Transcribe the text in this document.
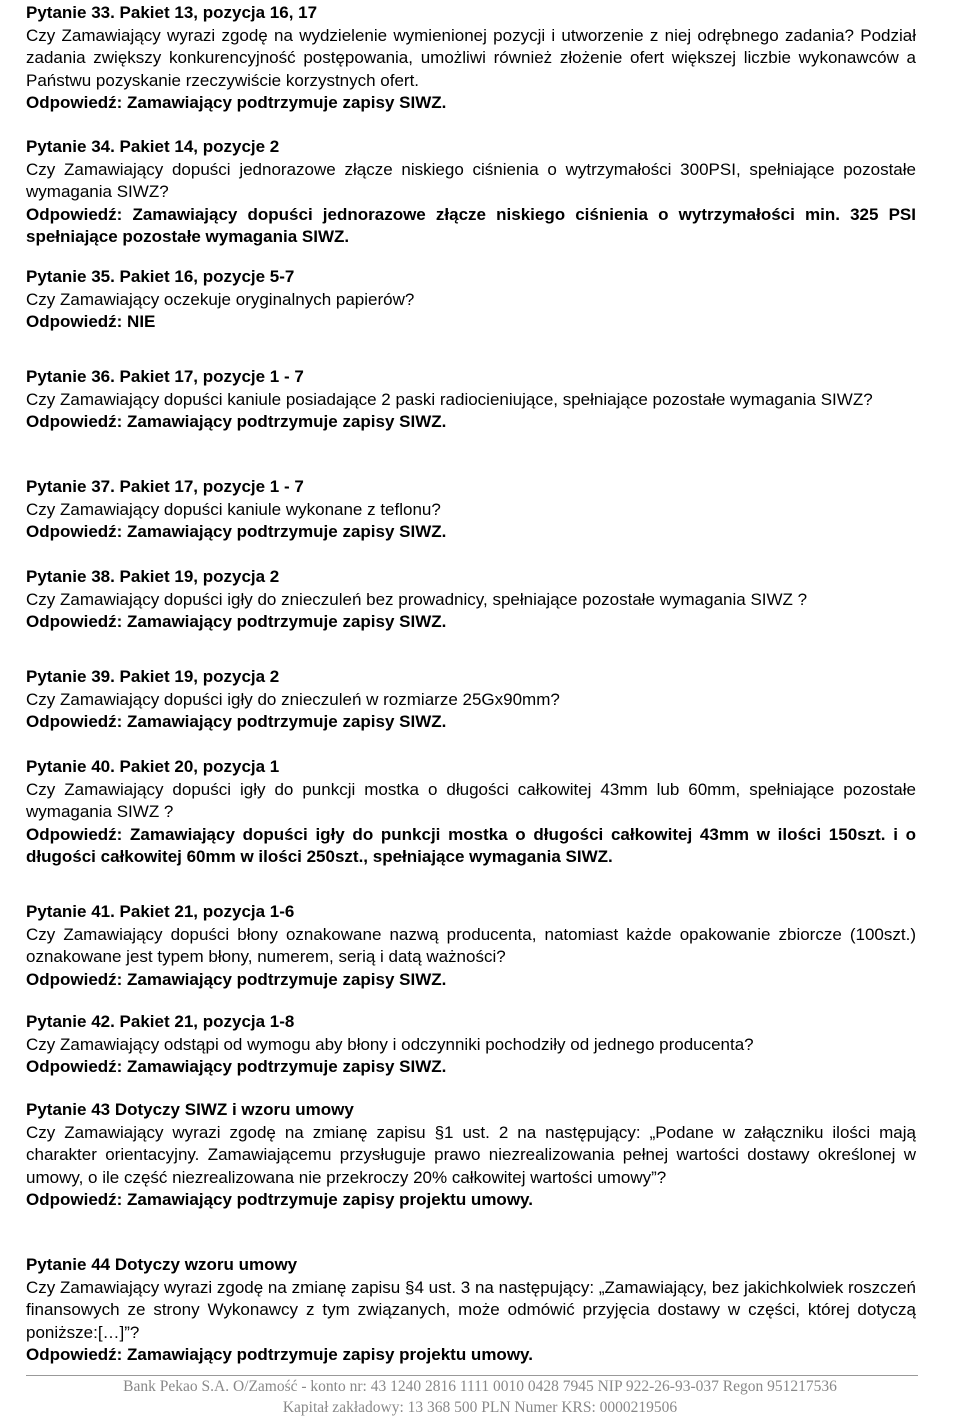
Pytanie 33. Pakiet 13, pozycja 16, 17

Czy Zamawiający wyrazi zgodę na wydzielenie wymienionej pozycji i utworzenie z niej odrębnego zadania? Podział zadania zwiększy konkurencyjność postępowania, umożliwi również złożenie ofert większej liczbie wykonawców a Państwu pozyskanie rzeczywiście korzystnych ofert.

Odpowiedź: Zamawiający podtrzymuje zapisy SIWZ.

Pytanie 34. Pakiet 14, pozycje 2

Czy Zamawiający dopuści jednorazowe złącze niskiego ciśnienia o wytrzymałości 300PSI, spełniające pozostałe wymagania SIWZ?

Odpowiedź: Zamawiający dopuści jednorazowe złącze niskiego ciśnienia o wytrzymałości min. 325 PSI spełniające pozostałe wymagania SIWZ.

Pytanie 35. Pakiet 16, pozycje 5-7

Czy Zamawiający oczekuje oryginalnych papierów?

Odpowiedź: NIE

Pytanie 36. Pakiet 17, pozycje 1 - 7

Czy Zamawiający dopuści kaniule posiadające 2 paski radiocieniujące, spełniające pozostałe wymagania SIWZ?

Odpowiedź: Zamawiający podtrzymuje zapisy SIWZ.

Pytanie 37. Pakiet 17, pozycje 1 - 7

Czy Zamawiający dopuści kaniule wykonane z teflonu?

Odpowiedź: Zamawiający podtrzymuje zapisy SIWZ.

Pytanie 38. Pakiet 19, pozycja 2

Czy Zamawiający dopuści igły do znieczuleń bez prowadnicy, spełniające pozostałe wymagania SIWZ ?

Odpowiedź: Zamawiający podtrzymuje zapisy SIWZ.

Pytanie 39. Pakiet 19, pozycja 2

Czy Zamawiający dopuści igły do znieczuleń w rozmiarze 25Gx90mm?

Odpowiedź: Zamawiający podtrzymuje zapisy SIWZ.

Pytanie 40. Pakiet 20, pozycja 1

Czy Zamawiający dopuści igły do punkcji mostka o długości całkowitej 43mm lub 60mm, spełniające pozostałe wymagania SIWZ ?

Odpowiedź: Zamawiający dopuści igły do punkcji mostka o długości całkowitej 43mm w ilości 150szt. i o długości całkowitej 60mm w ilości 250szt., spełniające wymagania SIWZ.

Pytanie 41. Pakiet 21, pozycja 1-6

Czy Zamawiający dopuści błony oznakowane nazwą producenta, natomiast każde opakowanie zbiorcze (100szt.) oznakowane jest typem błony, numerem, serią i datą ważności?

Odpowiedź: Zamawiający podtrzymuje zapisy SIWZ.

Pytanie 42. Pakiet 21, pozycja 1-8

Czy Zamawiający odstąpi od wymogu aby błony i odczynniki pochodziły od jednego producenta?

Odpowiedź: Zamawiający podtrzymuje zapisy SIWZ.

Pytanie 43 Dotyczy SIWZ i wzoru umowy

Czy Zamawiający wyrazi zgodę na zmianę zapisu §1 ust. 2 na następujący: „Podane w załączniku ilości mają charakter orientacyjny. Zamawiającemu przysługuje prawo niezrealizowania pełnej wartości dostawy określonej w umowy, o ile część niezrealizowana nie przekroczy 20% całkowitej wartości umowy”?

Odpowiedź: Zamawiający podtrzymuje zapisy projektu umowy.

Pytanie 44 Dotyczy wzoru umowy

Czy Zamawiający wyrazi zgodę na zmianę zapisu §4 ust. 3 na następujący: „Zamawiający, bez jakichkolwiek roszczeń finansowych ze strony Wykonawcy z tym związanych, może odmówić przyjęcia dostawy w części, której dotyczą poniższe:[…]”?

Odpowiedź: Zamawiający podtrzymuje zapisy projektu umowy.

Bank Pekao S.A. O/Zamość - konto nr: 43 1240 2816 1111 0010 0428 7945 NIP 922-26-93-037 Regon 951217536
Kapitał zakładowy: 13 368 500 PLN Numer KRS: 0000219506
